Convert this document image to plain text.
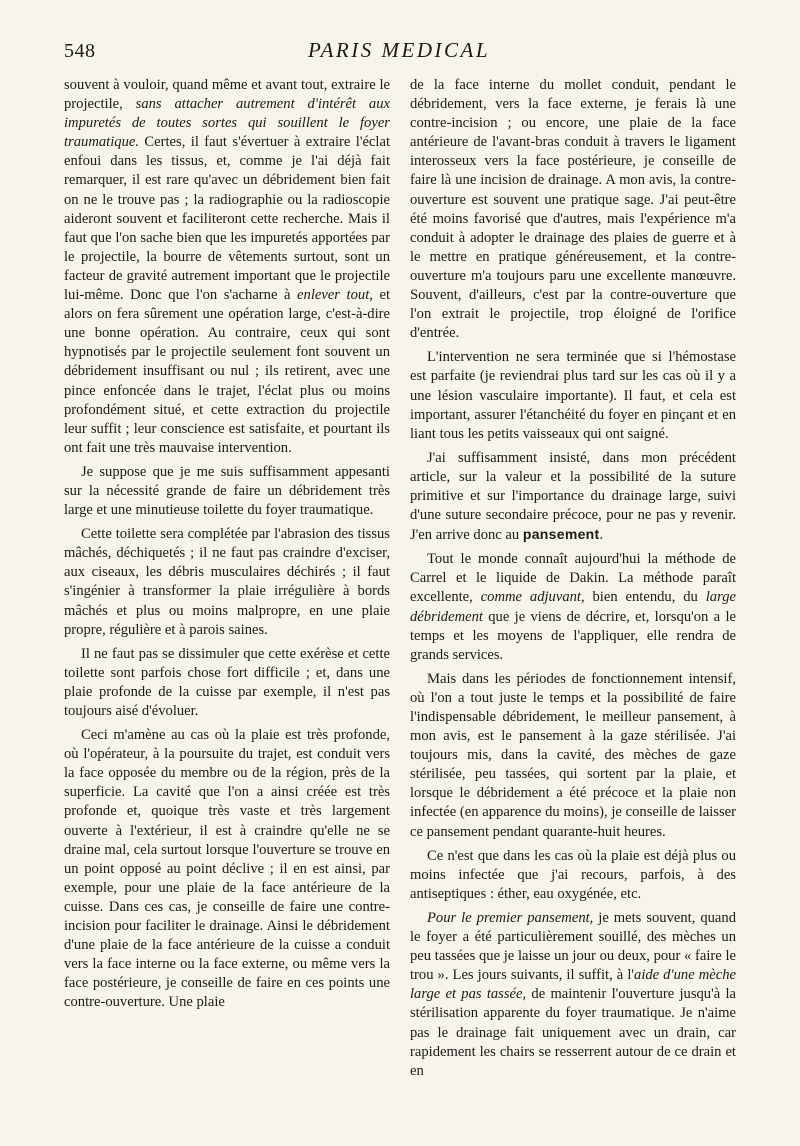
548	PARIS MEDICAL

souvent à vouloir, quand même et avant tout, extraire le projectile, sans attacher autrement d'intérêt aux impuretés de toutes sortes qui souillent le foyer traumatique. Certes, il faut s'évertuer à extraire l'éclat enfoui dans les tissus, et, comme je l'ai déjà fait remarquer, il est rare qu'avec un débridement bien fait on ne le trouve pas ; la radiographie ou la radioscopie aideront souvent et faciliteront cette recherche. Mais il faut que l'on sache bien que les impuretés apportées par le projectile, la bourre de vêtements surtout, sont un facteur de gravité autrement important que le projectile lui-même. Donc que l'on s'acharne à enlever tout, et alors on fera sûrement une opération large, c'est-à-dire une bonne opération. Au contraire, ceux qui sont hypnotisés par le projectile seulement font souvent un débridement insuffisant ou nul ; ils retirent, avec une pince enfoncée dans le trajet, l'éclat plus ou moins profondément situé, et cette extraction du projectile leur suffit ; leur conscience est satisfaite, et pourtant ils ont fait une très mauvaise intervention.

Je suppose que je me suis suffisamment appesanti sur la nécessité grande de faire un débridement très large et une minutieuse toilette du foyer traumatique.

Cette toilette sera complétée par l'abrasion des tissus mâchés, déchiquetés ; il ne faut pas craindre d'exciser, aux ciseaux, les débris musculaires déchirés ; il faut s'ingénier à transformer la plaie irrégulière à bords mâchés et plus ou moins malpropre, en une plaie propre, régulière et à parois saines.

Il ne faut pas se dissimuler que cette exérèse et cette toilette sont parfois chose fort difficile ; et, dans une plaie profonde de la cuisse par exemple, il n'est pas toujours aisé d'évoluer.

Ceci m'amène au cas où la plaie est très profonde, où l'opérateur, à la poursuite du trajet, est conduit vers la face opposée du membre ou de la région, près de la superficie. La cavité que l'on a ainsi créée est très profonde et, quoique très vaste et très largement ouverte à l'extérieur, il est à craindre qu'elle ne se draine mal, cela surtout lorsque l'ouverture se trouve en un point opposé au point déclive ; il en est ainsi, par exemple, pour une plaie de la face antérieure de la cuisse. Dans ces cas, je conseille de faire une contre-incision pour faciliter le drainage. Ainsi le débridement d'une plaie de la face antérieure de la cuisse a conduit vers la face interne ou la face externe, ou même vers la face postérieure, je conseille de faire en ces points une contre-ouverture. Une plaie

de la face interne du mollet conduit, pendant le débridement, vers la face externe, je ferais là une contre-incision ; ou encore, une plaie de la face antérieure de l'avant-bras conduit à travers le ligament interosseux vers la face postérieure, je conseille de faire là une incision de drainage. A mon avis, la contre-ouverture est souvent une pratique sage. J'ai peut-être été moins favorisé que d'autres, mais l'expérience m'a conduit à adopter le drainage des plaies de guerre et à le mettre en pratique généreusement, et la contre-ouverture m'a toujours paru une excellente manœuvre. Souvent, d'ailleurs, c'est par la contre-ouverture que l'on extrait le projectile, trop éloigné de l'orifice d'entrée.

L'intervention ne sera terminée que si l'hémostase est parfaite (je reviendrai plus tard sur les cas où il y a une lésion vasculaire importante). Il faut, et cela est important, assurer l'étanchéité du foyer en pinçant et en liant tous les petits vaisseaux qui ont saigné.

J'ai suffisamment insisté, dans mon précédent article, sur la valeur et la possibilité de la suture primitive et sur l'importance du drainage large, suivi d'une suture secondaire précoce, pour ne pas y revenir. J'en arrive donc au pansement.

Tout le monde connaît aujourd'hui la méthode de Carrel et le liquide de Dakin. La méthode paraît excellente, comme adjuvant, bien entendu, du large débridement que je viens de décrire, et, lorsqu'on a le temps et les moyens de l'appliquer, elle rendra de grands services.

Mais dans les périodes de fonctionnement intensif, où l'on a tout juste le temps et la possibilité de faire l'indispensable débridement, le meilleur pansement, à mon avis, est le pansement à la gaze stérilisée. J'ai toujours mis, dans la cavité, des mèches de gaze stérilisée, peu tassées, qui sortent par la plaie, et lorsque le débridement a été précoce et la plaie non infectée (en apparence du moins), je conseille de laisser ce pansement pendant quarante-huit heures.

Ce n'est que dans les cas où la plaie est déjà plus ou moins infectée que j'ai recours, parfois, à des antiseptiques : éther, eau oxygénée, etc.

Pour le premier pansement, je mets souvent, quand le foyer a été particulièrement souillé, des mèches un peu tassées que je laisse un jour ou deux, pour « faire le trou ». Les jours suivants, il suffit, à l'aide d'une mèche large et pas tassée, de maintenir l'ouverture jusqu'à la stérilisation apparente du foyer traumatique. Je n'aime pas le drainage fait uniquement avec un drain, car rapidement les chairs se resserrent autour de ce drain et en
